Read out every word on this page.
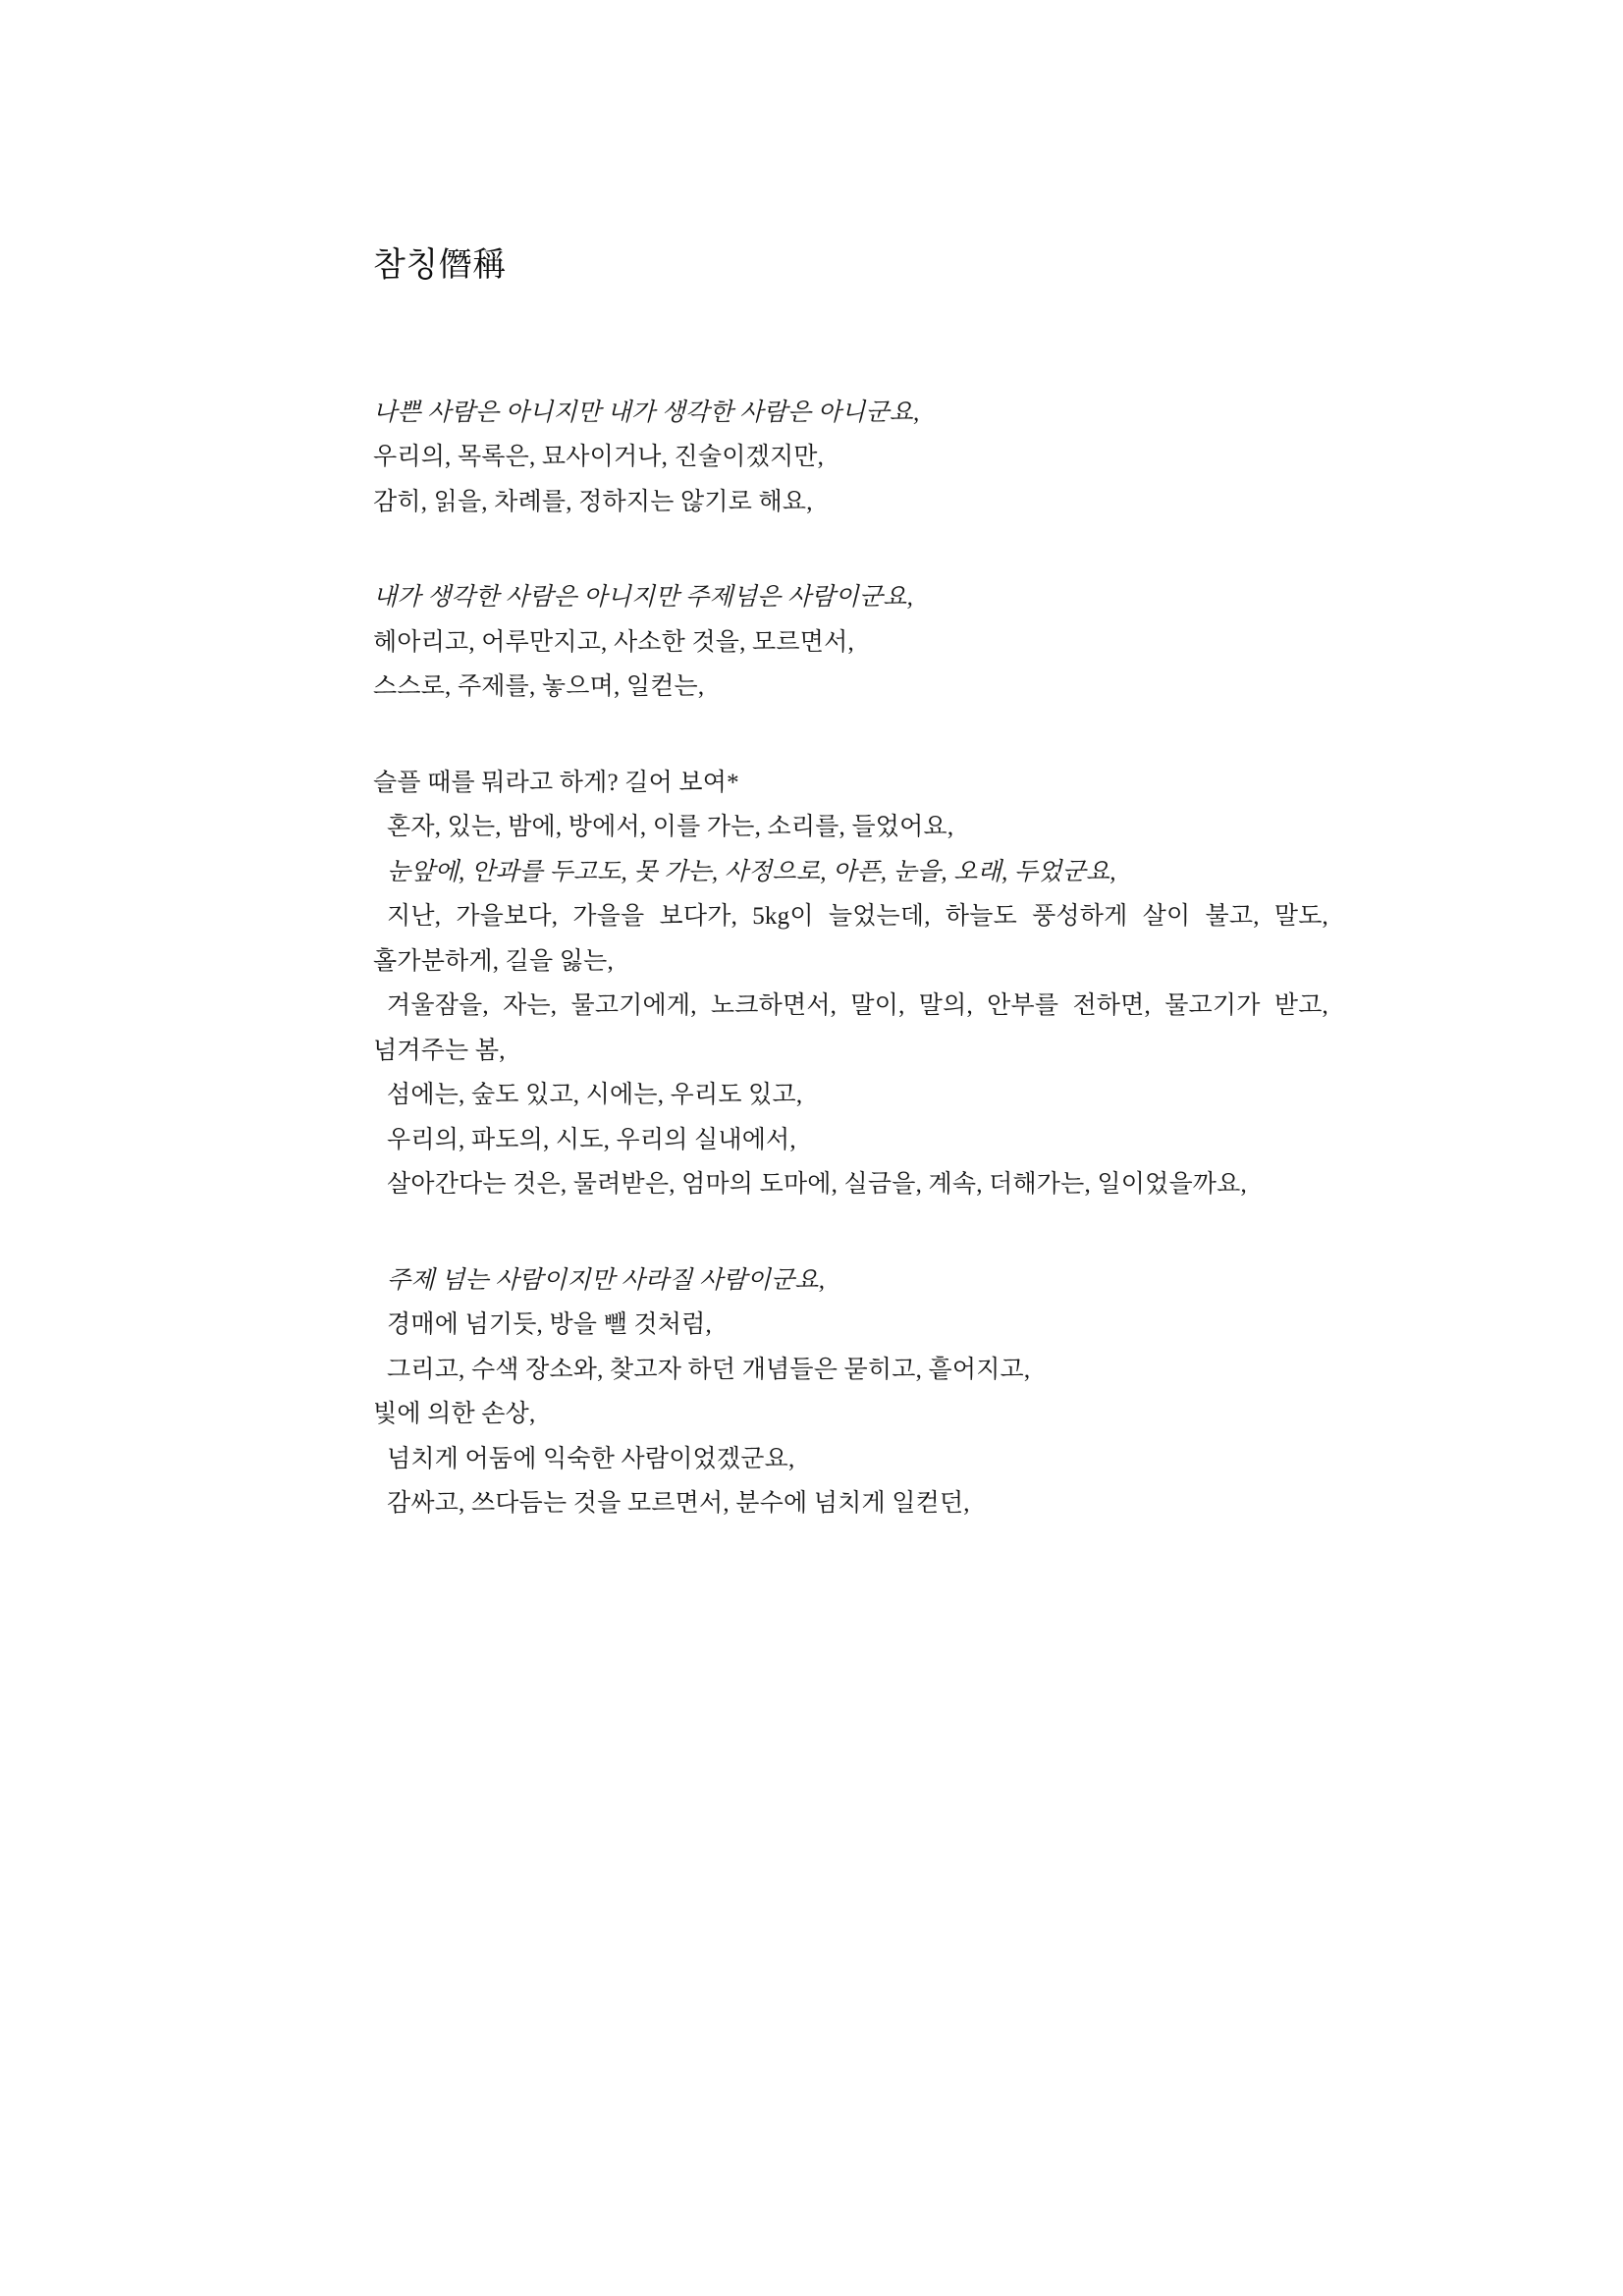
참칭僭稱
나쁜 사람은 아니지만 내가 생각한 사람은 아니군요,
우리의, 목록은, 묘사이거나, 진술이겠지만,
감히, 읽을, 차례를, 정하지는 않기로 해요,
내가 생각한 사람은 아니지만 주제넘은 사람이군요,
헤아리고, 어루만지고, 사소한 것을, 모르면서,
스스로, 주제를, 놓으며, 일컫는,
슬플 때를 뭐라고 하게? 길어 보여*
혼자, 있는, 밤에, 방에서, 이를 가는, 소리를, 들었어요,
눈앞에, 안과를 두고도, 못 가는, 사정으로, 아픈, 눈을, 오래, 두었군요,
지난, 가을보다, 가을을 보다가, 5kg이 늘었는데, 하늘도 풍성하게 살이 불고, 말도, 홀가분하게, 길을 잃는,
겨울잠을, 자는, 물고기에게, 노크하면서, 말이, 말의, 안부를 전하면, 물고기가 받고, 넘겨주는 봄,
섬에는, 숲도 있고, 시에는, 우리도 있고,
우리의, 파도의, 시도, 우리의 실내에서,
살아간다는 것은, 물려받은, 엄마의 도마에, 실금을, 계속, 더해가는, 일이었을까요,
주제 넘는 사람이지만 사라질 사람이군요,
경매에 넘기듯, 방을 뺄 것처럼,
그리고, 수색 장소와, 찾고자 하던 개념들은 묻히고, 흩어지고,
빛에 의한 손상,
넘치게 어둠에 익숙한 사람이었겠군요,
감싸고, 쓰다듬는 것을 모르면서, 분수에 넘치게 일컫던,
